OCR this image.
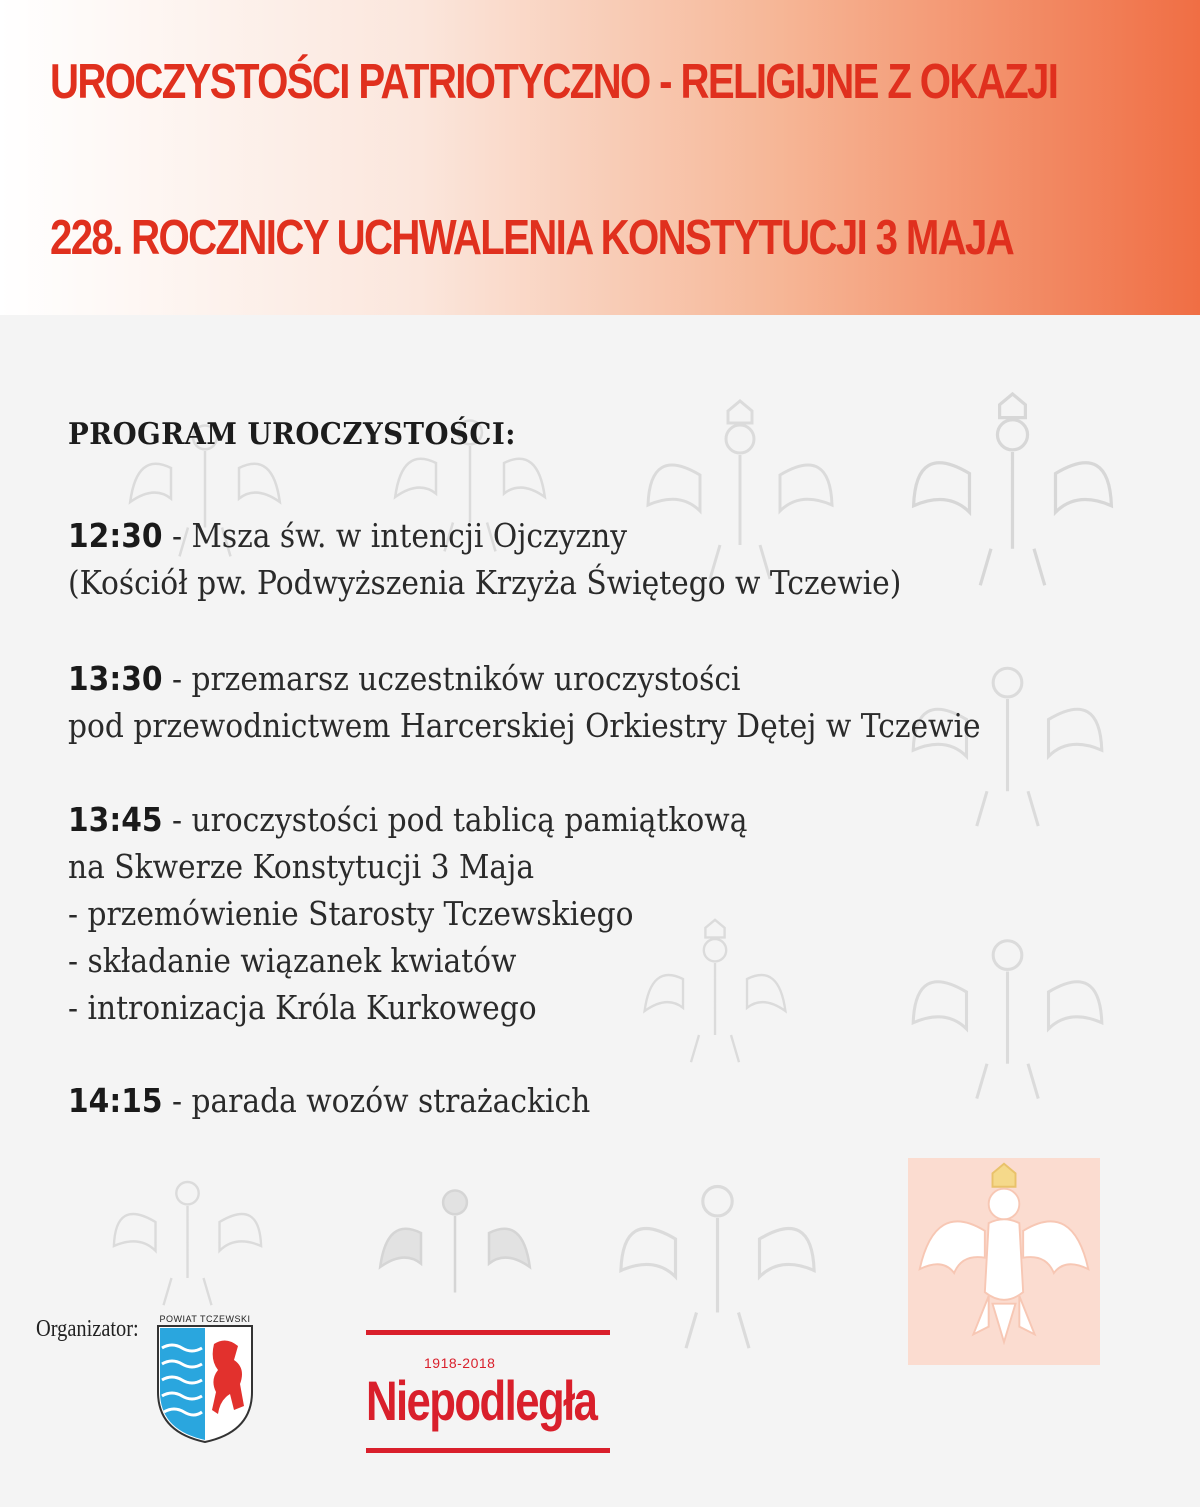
UROCZYSTOŚCI PATRIOTYCZNO - RELIGIJNE Z OKAZJI
228. ROCZNICY UCHWALENIA KONSTYTUCJI 3 MAJA
PROGRAM UROCZYSTOŚCI:
12:30 - Msza św. w intencji Ojczyzny
(Kościół pw. Podwyższenia Krzyża Świętego w Tczewie)
13:30 - przemarsz uczestników uroczystości
pod przewodnictwem Harcerskiej Orkiestry Dętej w Tczewie
13:45 - uroczystości pod tablicą pamiątkową
na Skwerze Konstytucji 3 Maja
- przemówienie Starosty Tczewskiego
- składanie wiązanek kwiatów
- intronizacja Króla Kurkowego
14:15 - parada wozów strażackich
Organizator:	POWIAT TCZEWSKI
1918-2018
Niepodległa
